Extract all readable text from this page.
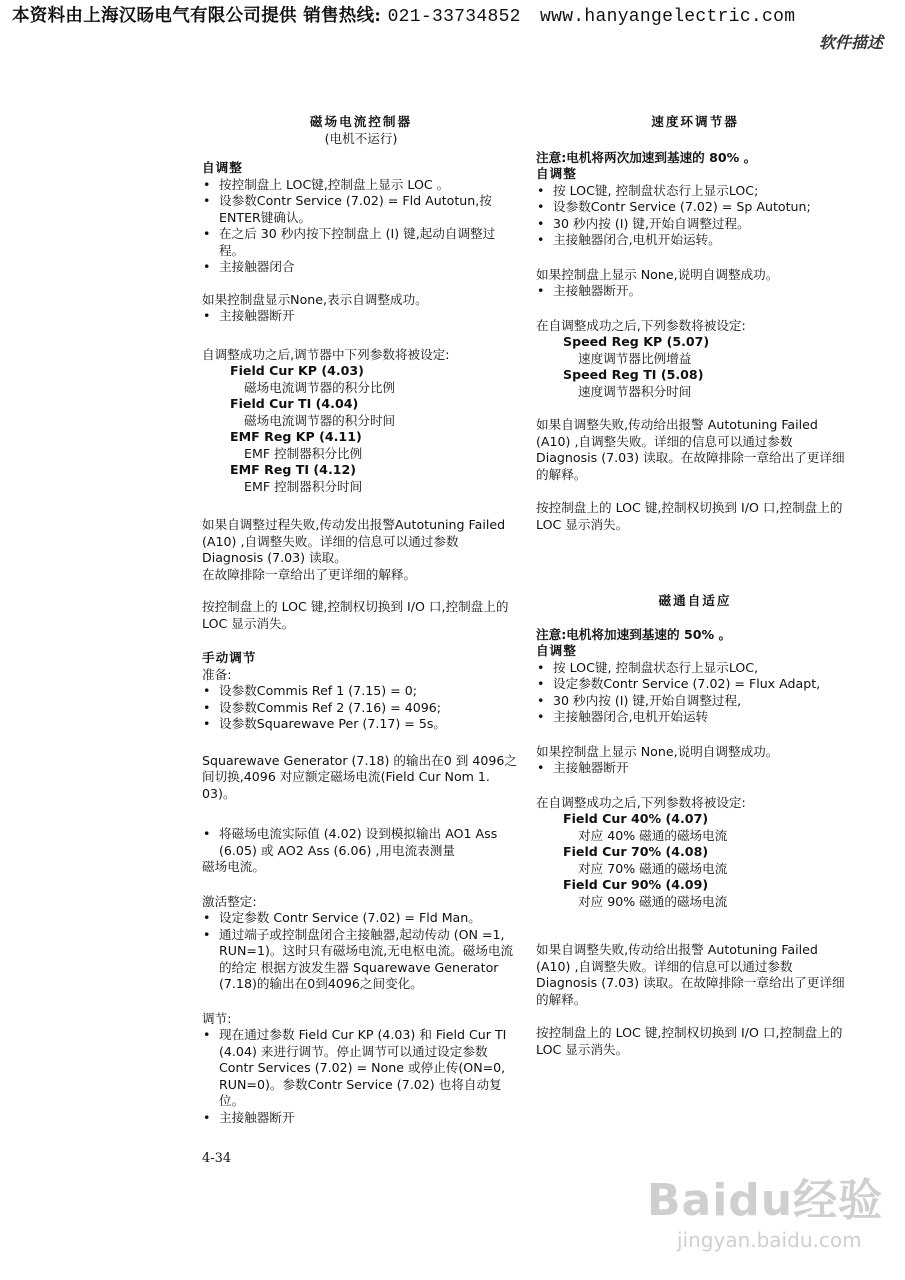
本资料由上海汉旸电气有限公司提供 销售热线: 021-33734852 www.hanyangelectric.com
软件描述

磁场电流控制器

(电机不运行)

自调整

• 按控制盘上 LOC键,控制盘上显示 LOC 。
• 设参数Contr Service (7.02) = Fld Autotun,按 ENTER键确认。
• 在之后 30 秒内按下控制盘上 (I) 键,起动自调整过程。
• 主接触器闭合

如果控制盘显示None,表示自调整成功。

• 主接触器断开

自调整成功之后,调节器中下列参数将被设定:

Field Cur KP (4.03)

磁场电流调节器的积分比例

Field Cur TI (4.04)

磁场电流调节器的积分时间

EMF Reg KP (4.11)

EMF 控制器积分比例

EMF Reg TI (4.12)

EMF 控制器积分时间

如果自调整过程失败,传动发出报警Autotuning Failed (A10) ,自调整失败。详细的信息可以通过参数 Diagnosis (7.03) 读取。

在故障排除一章给出了更详细的解释。

按控制盘上的 LOC 键,控制权切换到 I/O 口,控制盘上的 LOC 显示消失。

手动调节

准备:

• 设参数Commis Ref 1 (7.15) = 0;
• 设参数Commis Ref 2 (7.16) = 4096;
• 设参数Squarewave Per (7.17) = 5s。

Squarewave Generator (7.18) 的输出在0 到 4096之间切换,4096 对应额定磁场电流(Field Cur Nom 1. 03)。

• 将磁场电流实际值 (4.02) 设到模拟输出 AO1 Ass (6.05) 或 AO2 Ass (6.06) ,用电流表测量

磁场电流。

激活整定:

• 设定参数 Contr Service (7.02) = Fld Man。
• 通过端子或控制盘闭合主接触器,起动传动 (ON =1, RUN=1)。这时只有磁场电流,无电枢电流。磁场电流的给定 根据方波发生器 Squarewave Generator (7.18)的输出在0到4096之间变化。

调节:

• 现在通过参数 Field Cur KP (4.03) 和 Field Cur TI (4.04) 来进行调节。停止调节可以通过设定参数 Contr Services (7.02) = None 或停止传(ON=0, RUN=0)。参数Contr Service (7.02) 也将自动复位。
• 主接触器断开

速度环调节器

注意:电机将两次加速到基速的 80% 。

自调整

• 按 LOC键, 控制盘状态行上显示LOC;
• 设参数Contr Service (7.02) = Sp Autotun;
• 30 秒内按 (I) 键,开始自调整过程。
• 主接触器闭合,电机开始运转。

如果控制盘上显示 None,说明自调整成功。

• 主接触器断开。

在自调整成功之后,下列参数将被设定:

Speed Reg KP (5.07)

速度调节器比例增益

Speed Reg TI (5.08)

速度调节器积分时间

如果自调整失败,传动给出报警 Autotuning Failed (A10) ,自调整失败。详细的信息可以通过参数 Diagnosis (7.03) 读取。在故障排除一章给出了更详细的解释。

按控制盘上的 LOC 键,控制权切换到 I/O 口,控制盘上的 LOC 显示消失。

磁通自适应

注意:电机将加速到基速的 50% 。

自调整

• 按 LOC键, 控制盘状态行上显示LOC,
• 设定参数Contr Service (7.02) = Flux Adapt,
• 30 秒内按 (I) 键,开始自调整过程,
• 主接触器闭合,电机开始运转

如果控制盘上显示 None,说明自调整成功。

• 主接触器断开

在自调整成功之后,下列参数将被设定:

Field Cur 40% (4.07)

对应 40% 磁通的磁场电流

Field Cur 70% (4.08)

对应 70% 磁通的磁场电流

Field Cur 90% (4.09)

对应 90% 磁通的磁场电流

如果自调整失败,传动给出报警 Autotuning Failed (A10) ,自调整失败。详细的信息可以通过参数 Diagnosis (7.03) 读取。在故障排除一章给出了更详细的解释。

按控制盘上的 LOC 键,控制权切换到 I/O 口,控制盘上的 LOC 显示消失。

4-34
Baidu经验
jingyan.baidu.com
